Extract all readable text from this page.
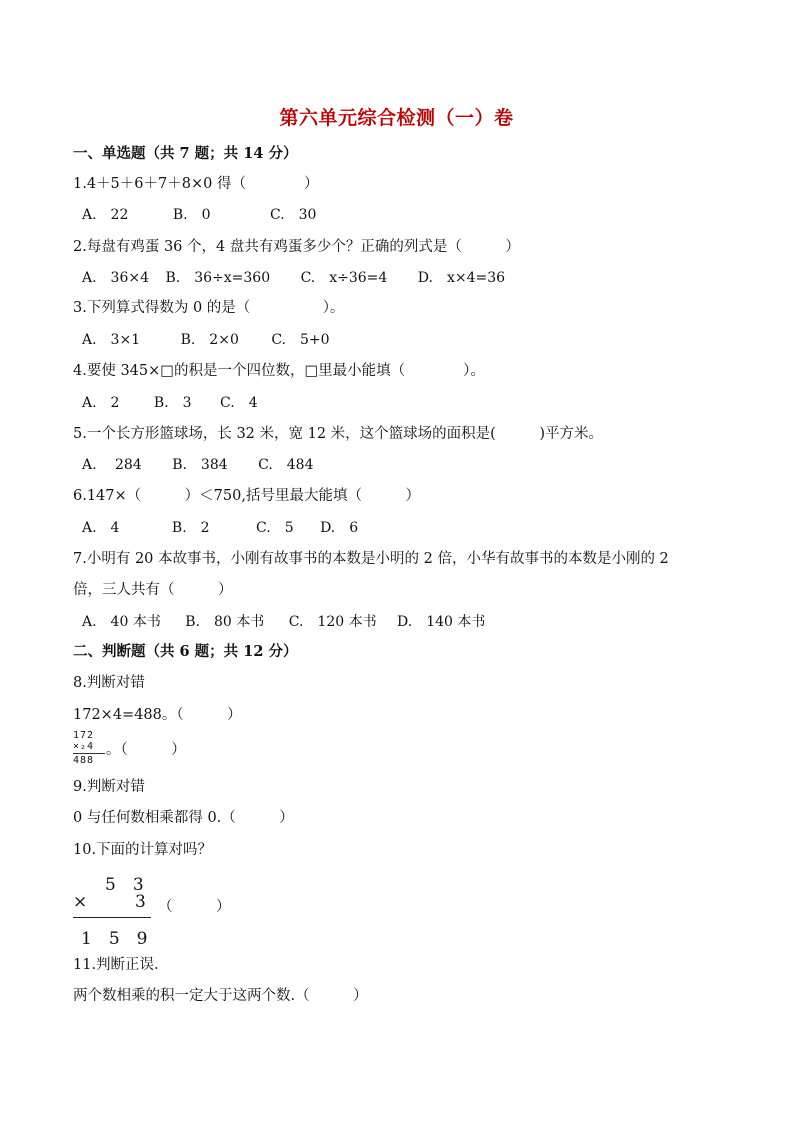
第六单元综合检测（一）卷
一、单选题（共 7 题；共 14 分）
1.4＋5＋6＋7＋8×0 得（　　　　）
A.　22	B.　0	C.　30
2.每盘有鸡蛋 36 个，4 盘共有鸡蛋多少个？正确的列式是（　　　）
A.　36×4 B.　36÷x=360 C.　x÷36=4 D.　x×4=36
3.下列算式得数为 0 的是（　　　　　）。
A.　3×1	B.　2×0 C.　5+0
4.要使 345×□的积是一个四位数，□里最小能填（　　　　）。
A.　2 B.　3 C.　4
5.一个长方形篮球场，长 32 米，宽 12 米，这个篮球场的面积是(　　　)平方米。
A.　 284 B.　384 C.　484
6.147×（　　　）＜750,括号里最大能填（　　　）
A.　4	B.　2	C.　5 D.　6
7.小明有 20 本故事书，小刚有故事书的本数是小明的 2 倍，小华有故事书的本数是小刚的 2
倍，三人共有（　　　）
A.　40 本书 B.　80 本书 C.　120 本书 D.　140 本书
二、判断题（共 6 题；共 12 分）
8.判断对错
172×4=488。（　　　）
172
×₂4
488
。（　　　）
9.判断对错
0 与任何数相乘都得 0.（　　　）
10.下面的计算对吗？
5　3
×	3
1　5　9
（　　　）
11.判断正误.
两个数相乘的积一定大于这两个数.（　　　）
